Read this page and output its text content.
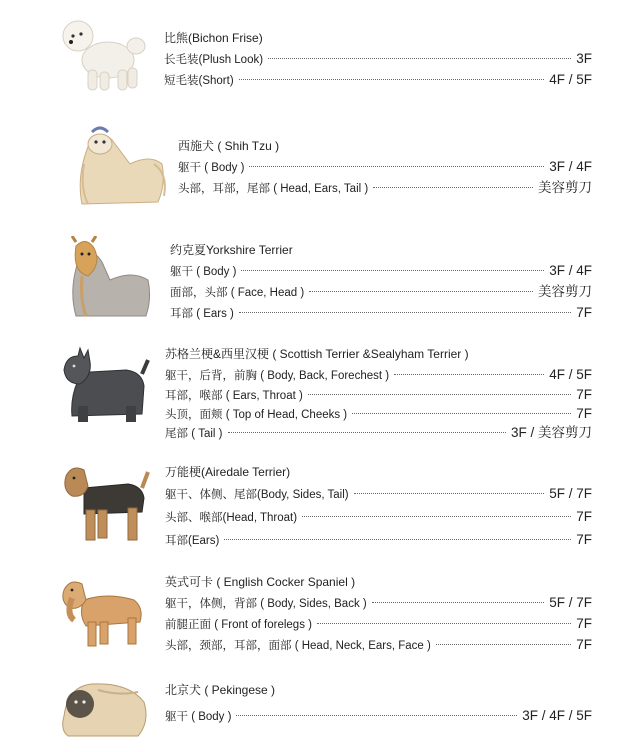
比熊(Bichon Frise)
长毛装(Plush Look)	3F
短毛装(Short)	4F / 5F
西施犬 ( Shih Tzu )
躯干 ( Body )	3F / 4F
头部，耳部，尾部 ( Head, Ears, Tail )	美容剪刀
约克夏Yorkshire Terrier
躯干 ( Body )	3F / 4F
面部，头部 ( Face, Head )	美容剪刀
耳部 ( Ears )	7F
苏格兰梗&西里汉梗 ( Scottish Terrier &Sealyham Terrier )
躯干，后背，前胸 ( Body, Back, Forechest )	4F / 5F
耳部，喉部 ( Ears, Throat )	7F
头顶，面颊 ( Top of Head, Cheeks )	7F
尾部 ( Tail )	3F / 美容剪刀
万能梗(Airedale Terrier)
躯干、体侧、尾部(Body, Sides, Tail)	5F / 7F
头部、喉部(Head, Throat)	7F
耳部(Ears)	7F
英式可卡 ( English Cocker Spaniel )
躯干，体侧，背部 ( Body, Sides, Back )	5F / 7F
前腿正面 ( Front of forelegs )	7F
头部，颈部，耳部，面部 ( Head, Neck, Ears, Face )	7F
北京犬 ( Pekingese )
躯干 ( Body )	3F / 4F / 5F
